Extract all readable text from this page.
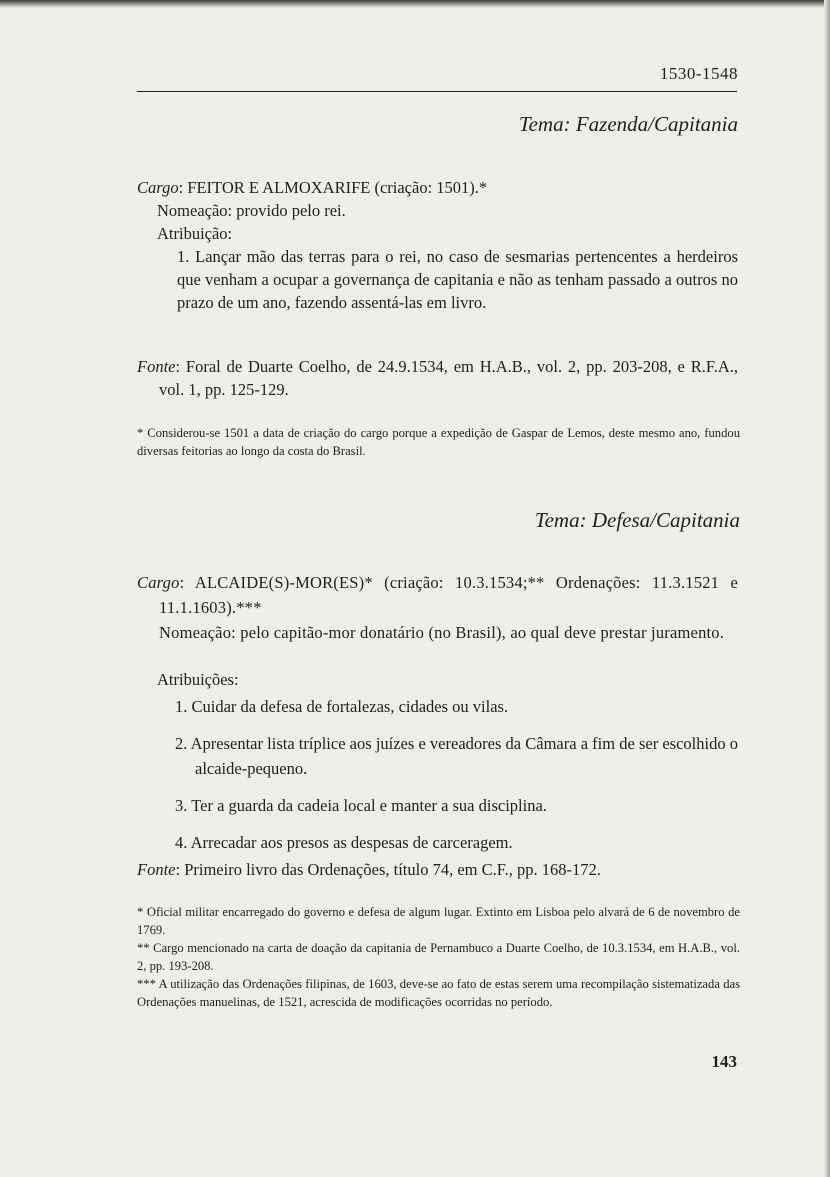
1530-1548
Tema: Fazenda/Capitania
Cargo: FEITOR E ALMOXARIFE (criação: 1501).*
Nomeação: provido pelo rei.
Atribuição:
1. Lançar mão das terras para o rei, no caso de sesmarias pertencentes a herdeiros que venham a ocupar a governança de capitania e não as tenham passado a outros no prazo de um ano, fazendo assentá-las em livro.
Fonte: Foral de Duarte Coelho, de 24.9.1534, em H.A.B., vol. 2, pp. 203-208, e R.F.A., vol. 1, pp. 125-129.
* Considerou-se 1501 a data de criação do cargo porque a expedição de Gaspar de Lemos, deste mesmo ano, fundou diversas feitorias ao longo da costa do Brasil.
Tema: Defesa/Capitania
Cargo: ALCAIDE(S)-MOR(ES)* (criação: 10.3.1534;** Ordenações: 11.3.1521 e 11.1.1603).***
Nomeação: pelo capitão-mor donatário (no Brasil), ao qual deve prestar juramento.
Atribuições:
1. Cuidar da defesa de fortalezas, cidades ou vilas.
2. Apresentar lista tríplice aos juízes e vereadores da Câmara a fim de ser escolhido o alcaide-pequeno.
3. Ter a guarda da cadeia local e manter a sua disciplina.
4. Arrecadar aos presos as despesas de carceragem.
Fonte: Primeiro livro das Ordenações, título 74, em C.F., pp. 168-172.
* Oficial militar encarregado do governo e defesa de algum lugar. Extinto em Lisboa pelo alvará de 6 de novembro de 1769.
** Cargo mencionado na carta de doação da capitania de Pernambuco a Duarte Coelho, de 10.3.1534, em H.A.B., vol. 2, pp. 193-208.
*** A utilização das Ordenações filipinas, de 1603, deve-se ao fato de estas serem uma recompilação sistematizada das Ordenações manuelinas, de 1521, acrescida de modificações ocorridas no período.
143
